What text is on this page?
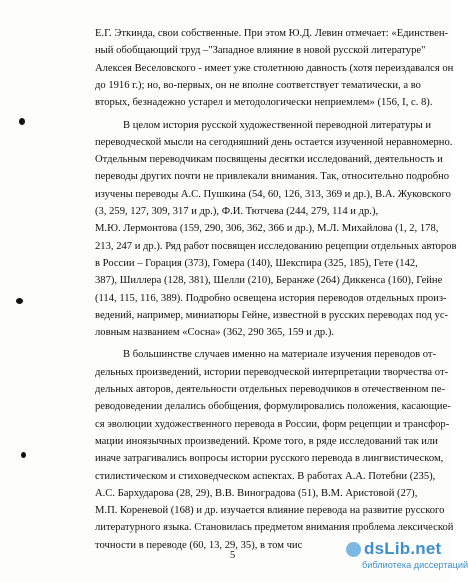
5
Е.Г. Эткинда, свои собственные. При этом Ю.Д. Левин отмечает: «Единствен-
ный обобщающий труд –"Западное влияние в новой русской литературе"
Алексея Веселовского - имеет уже столетнюю давность (хотя переиздавался он
до 1916 г.); но, во-первых, он не вполне соответствует тематически, а во
вторых, безнадежно устарел и методологически неприемлем» (156, I, с. 8).
В целом история русской художественной переводной литературы и
переводческой мысли на сегодняшний день остается изученной неравномерно.
Отдельным переводчикам посвящены десятки исследований, деятельность и
переводы других почти не привлекали внимания. Так, относительно подробно
изучены переводы А.С. Пушкина (54, 60, 126, 313, 369 и др.), В.А. Жуковского
(3, 259, 127, 309, 317 и др.), Ф.И. Тютчева (244, 279, 114 и др.),
М.Ю. Лермонтова (159, 290, 306, 362, 366 и др.), М.Л. Михайлова (1, 2, 178,
213, 247 и др.). Ряд работ посвящен исследованию рецепции отдельных авторов
в России – Горация (373), Гомера (140), Шекспира (325, 185), Гете (142,
387), Шиллера (128, 381), Шелли (210), Беранже (264) Диккенса (160), Гейне
(114, 115, 116, 389). Подробно освещена история переводов отдельных произ-
ведений, например, миниатюры Гейне, известной в русских переводах под ус-
ловным названием «Сосна» (362, 290 365, 159 и др.).
В большинстве случаев именно на материале изучения переводов от-
дельных произведений, истории переводческой интерпретации творчества от-
дельных авторов, деятельности отдельных переводчиков в отечественном пе-
реводоведении делались обобщения, формулировались положения, касающие-
ся эволюции художественного перевода в России, форм рецепции и трансфор-
мации иноязычных произведений. Кроме того, в ряде исследований так или
иначе затрагивались вопросы истории русского перевода в лингвистическом,
стилистическом и стиховедческом аспектах. В работах А.А. Потебни (235),
А.С. Бархударова (28, 29), В.В. Виноградова (51), В.М. Аристовой (27),
М.П. Кореневой (168) и др. изучается влияние перевода на развитие русского
литературного языка. Становилась предметом внимания проблема лексической
точности в переводе (60, 13, 29, 35), в том чис	dsLib.net
библиотека диссертаций
